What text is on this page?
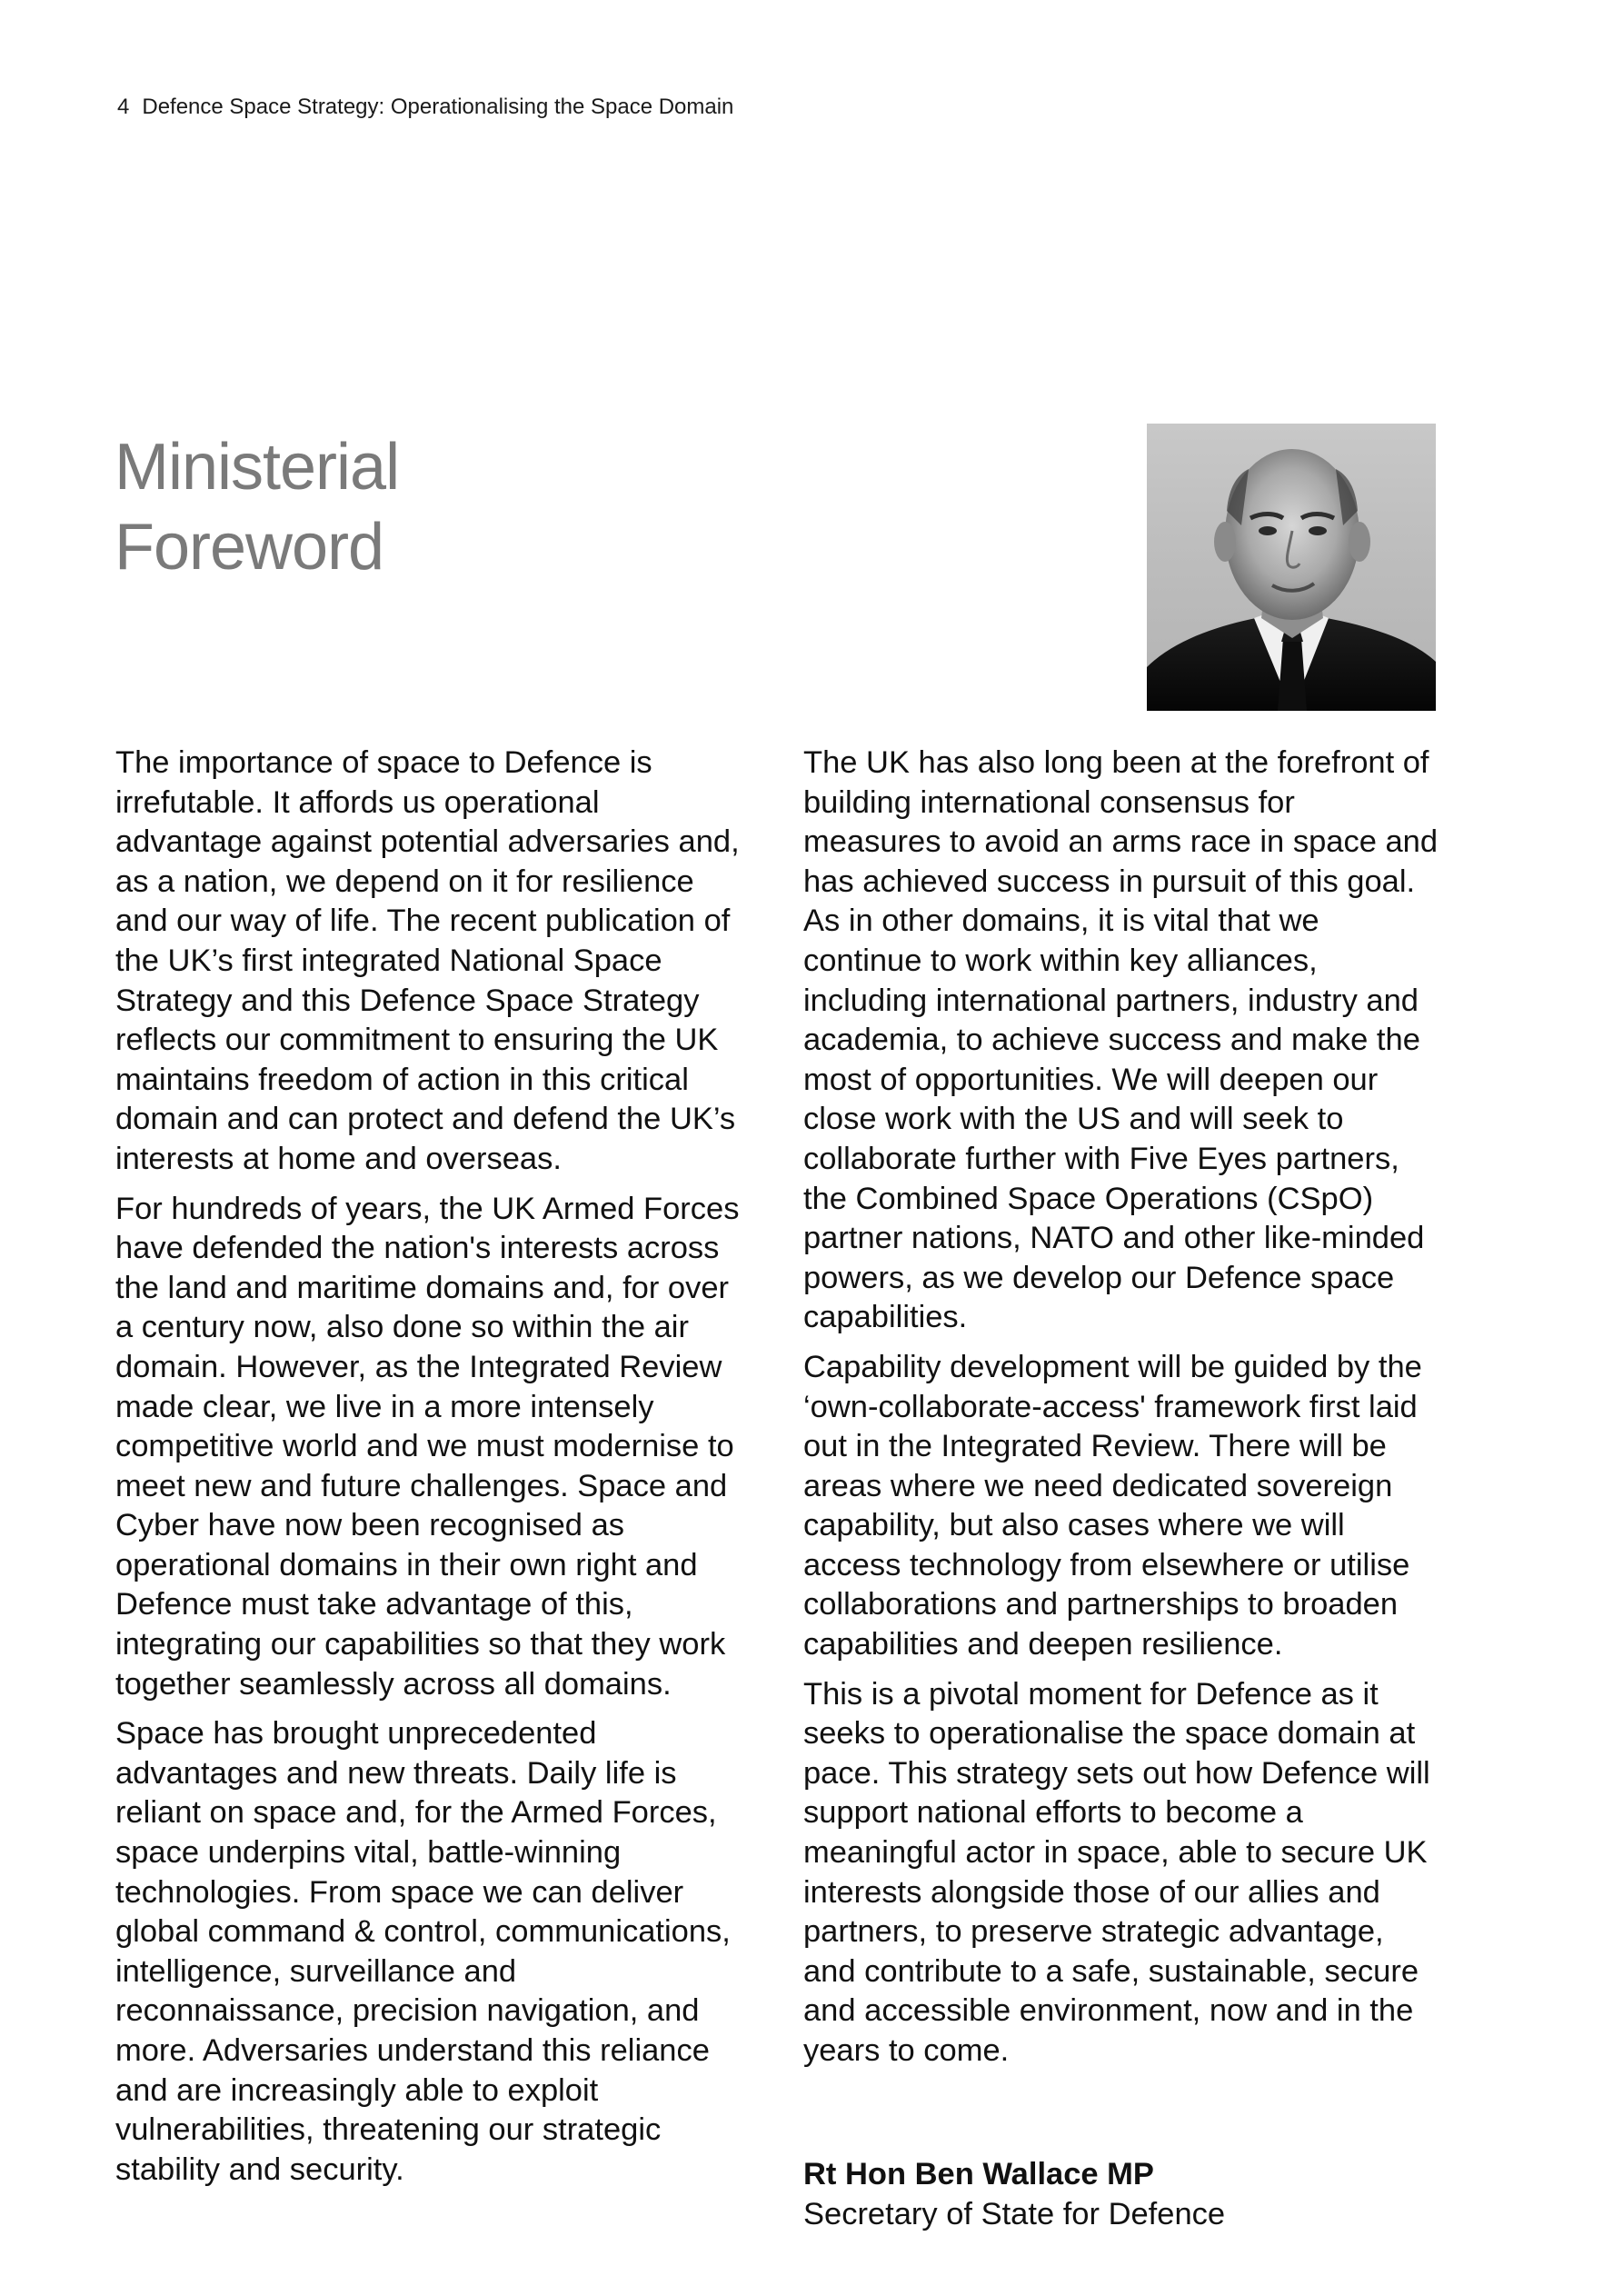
4 Defence Space Strategy: Operationalising the Space Domain
Ministerial
Foreword

The importance of space to Defence is irrefutable. It affords us operational advantage against potential adversaries and, as a nation, we depend on it for resilience and our way of life. The recent publication of the UK’s first integrated National Space Strategy and this Defence Space Strategy reflects our commitment to ensuring the UK maintains freedom of action in this critical domain and can protect and defend the UK’s interests at home and overseas.

For hundreds of years, the UK Armed Forces have defended the nation's interests across the land and maritime domains and, for over a century now, also done so within the air domain. However, as the Integrated Review made clear, we live in a more intensely competitive world and we must modernise to meet new and future challenges. Space and Cyber have now been recognised as operational domains in their own right and Defence must take advantage of this, integrating our capabilities so that they work together seamlessly across all domains.

Space has brought unprecedented advantages and new threats. Daily life is reliant on space and, for the Armed Forces, space underpins vital, battle-winning technologies. From space we can deliver global command & control, communications, intelligence, surveillance and reconnaissance, precision navigation, and more. Adversaries understand this reliance and are increasingly able to exploit vulnerabilities, threatening our strategic stability and security.

The UK has also long been at the forefront of building international consensus for measures to avoid an arms race in space and has achieved success in pursuit of this goal. As in other domains, it is vital that we continue to work within key alliances, including international partners, industry and academia, to achieve success and make the most of opportunities. We will deepen our close work with the US and will seek to collaborate further with Five Eyes partners, the Combined Space Operations (CSpO) partner nations, NATO and other like-minded powers, as we develop our Defence space capabilities.

Capability development will be guided by the ‘own-collaborate-access' framework first laid out in the Integrated Review. There will be areas where we need dedicated sovereign capability, but also cases where we will access technology from elsewhere or utilise collaborations and partnerships to broaden capabilities and deepen resilience.

This is a pivotal moment for Defence as it seeks to operationalise the space domain at pace. This strategy sets out how Defence will support national efforts to become a meaningful actor in space, able to secure UK interests alongside those of our allies and partners, to preserve strategic advantage, and contribute to a safe, sustainable, secure and accessible environment, now and in the years to come.

Rt Hon Ben Wallace MP
Secretary of State for Defence
